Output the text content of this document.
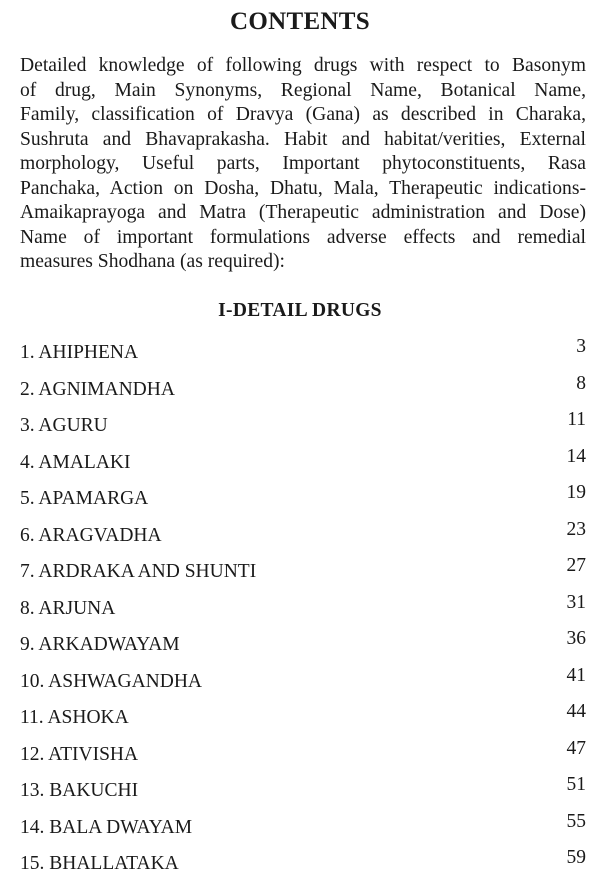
CONTENTS
Detailed knowledge of following drugs with respect to Basonym
of drug, Main Synonyms, Regional Name, Botanical Name,
Family, classification of Dravya (Gana) as described in Charaka,
Sushruta and Bhavaprakasha. Habit and habitat/verities, External
morphology, Useful parts, Important phytoconstituents, Rasa
Panchaka, Action on Dosha, Dhatu, Mala, Therapeutic indications-
Amaikaprayoga and Matra (Therapeutic administration and Dose)
Name of important formulations adverse effects and remedial
measures Shodhana (as required):
I-DETAIL DRUGS
1. AHIPHENA	3
2. AGNIMANDHA	8
3. AGURU	11
4. AMALAKI	14
5. APAMARGA	19
6. ARAGVADHA	23
7. ARDRAKA AND SHUNTI	27
8. ARJUNA	31
9. ARKADWAYAM	36
10. ASHWAGANDHA	41
11. ASHOKA	44
12. ATIVISHA	47
13. BAKUCHI	51
14. BALA DWAYAM	55
15. BHALLATAKA	59
